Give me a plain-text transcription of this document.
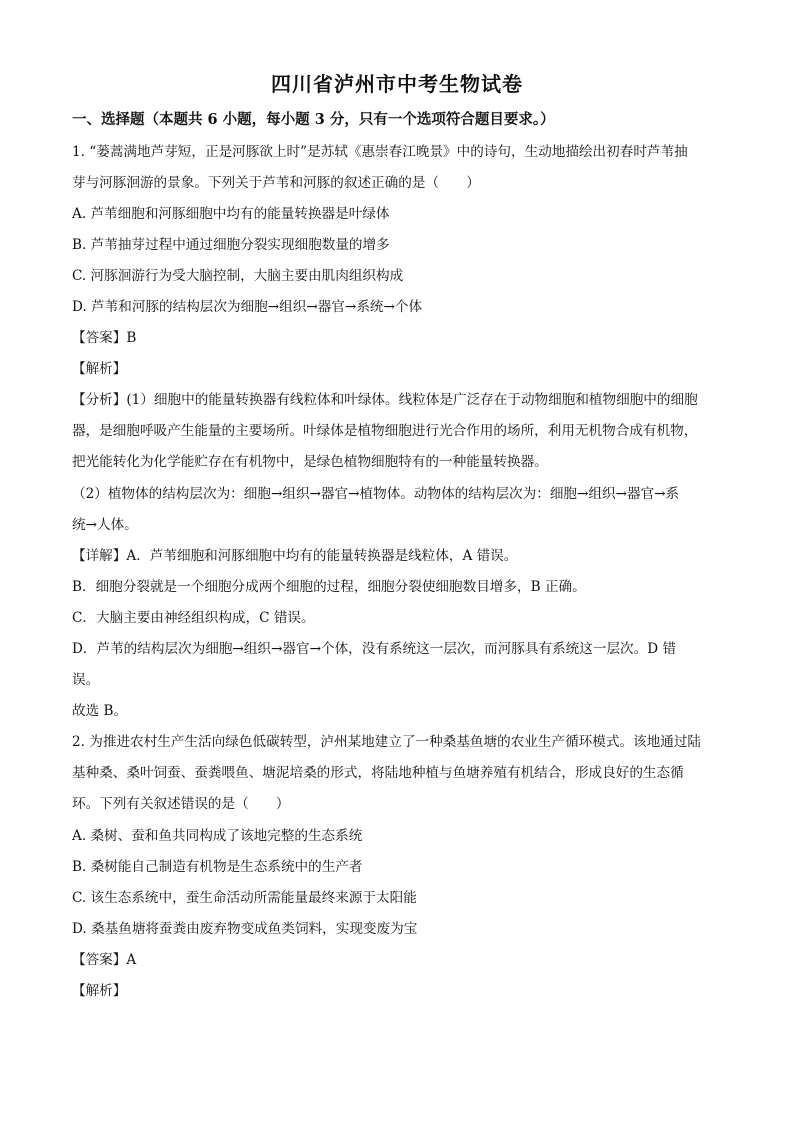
四川省泸州市中考生物试卷
一、选择题（本题共 6 小题，每小题 3 分，只有一个选项符合题目要求。）
1. “蒌蒿满地芦芽短，正是河豚欲上时”是苏轼《惠崇春江晚景》中的诗句，生动地描绘出初春时芦苇抽
芽与河豚洄游的景象。下列关于芦苇和河豚的叙述正确的是（　　）
A. 芦苇细胞和河豚细胞中均有的能量转换器是叶绿体
B. 芦苇抽芽过程中通过细胞分裂实现细胞数量的增多
C. 河豚洄游行为受大脑控制，大脑主要由肌肉组织构成
D. 芦苇和河豚的结构层次为细胞→组织→器官→系统→个体
【答案】B
【解析】
【分析】(1）细胞中的能量转换器有线粒体和叶绿体。线粒体是广泛存在于动物细胞和植物细胞中的细胞
器，是细胞呼吸产生能量的主要场所。叶绿体是植物细胞进行光合作用的场所，利用无机物合成有机物，
把光能转化为化学能贮存在有机物中，是绿色植物细胞特有的一种能量转换器。
（2）植物体的结构层次为：细胞→组织→器官→植物体。动物体的结构层次为：细胞→组织→器官→系
统→人体。
【详解】A．芦苇细胞和河豚细胞中均有的能量转换器是线粒体，A 错误。
B．细胞分裂就是一个细胞分成两个细胞的过程，细胞分裂使细胞数目增多，B 正确。
C．大脑主要由神经组织构成，C 错误。
D．芦苇的结构层次为细胞→组织→器官→个体，没有系统这一层次，而河豚具有系统这一层次。D 错
误。
故选 B。
2. 为推进农村生产生活向绿色低碳转型，泸州某地建立了一种桑基鱼塘的农业生产循环模式。该地通过陆
基种桑、桑叶饲蚕、蚕粪喂鱼、塘泥培桑的形式，将陆地种植与鱼塘养殖有机结合，形成良好的生态循
环。下列有关叙述错误的是（　　）
A. 桑树、蚕和鱼共同构成了该地完整的生态系统
B. 桑树能自己制造有机物是生态系统中的生产者
C. 该生态系统中，蚕生命活动所需能量最终来源于太阳能
D. 桑基鱼塘将蚕粪由废弃物变成鱼类饲料，实现变废为宝
【答案】A
【解析】
